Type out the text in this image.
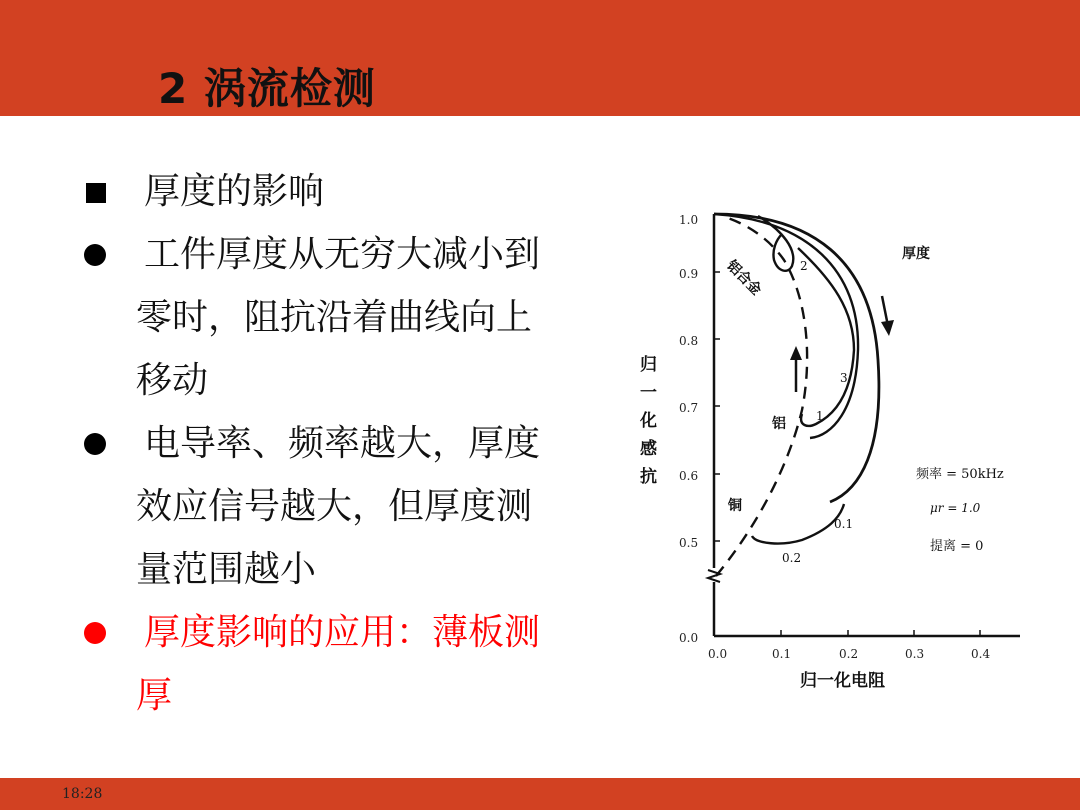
2 涡流检测
厚度的影响
工件厚度从无穷大减小到
零时，阻抗沿着曲线向上
移动
电导率、频率越大，厚度
效应信号越大，但厚度测
量范围越小
厚度影响的应用：薄板测
厚
1.0
0.9
0.8
0.7
0.6
0.5
0.0
0.0	0.1	0.2	0.3	0.4
归
一
化
感
抗
归一化电阻
铝合金
铝
铜
1
2
3
0.1
0.2
厚度
频率 = 50kHz
μr = 1.0
提离 = 0
18:28
